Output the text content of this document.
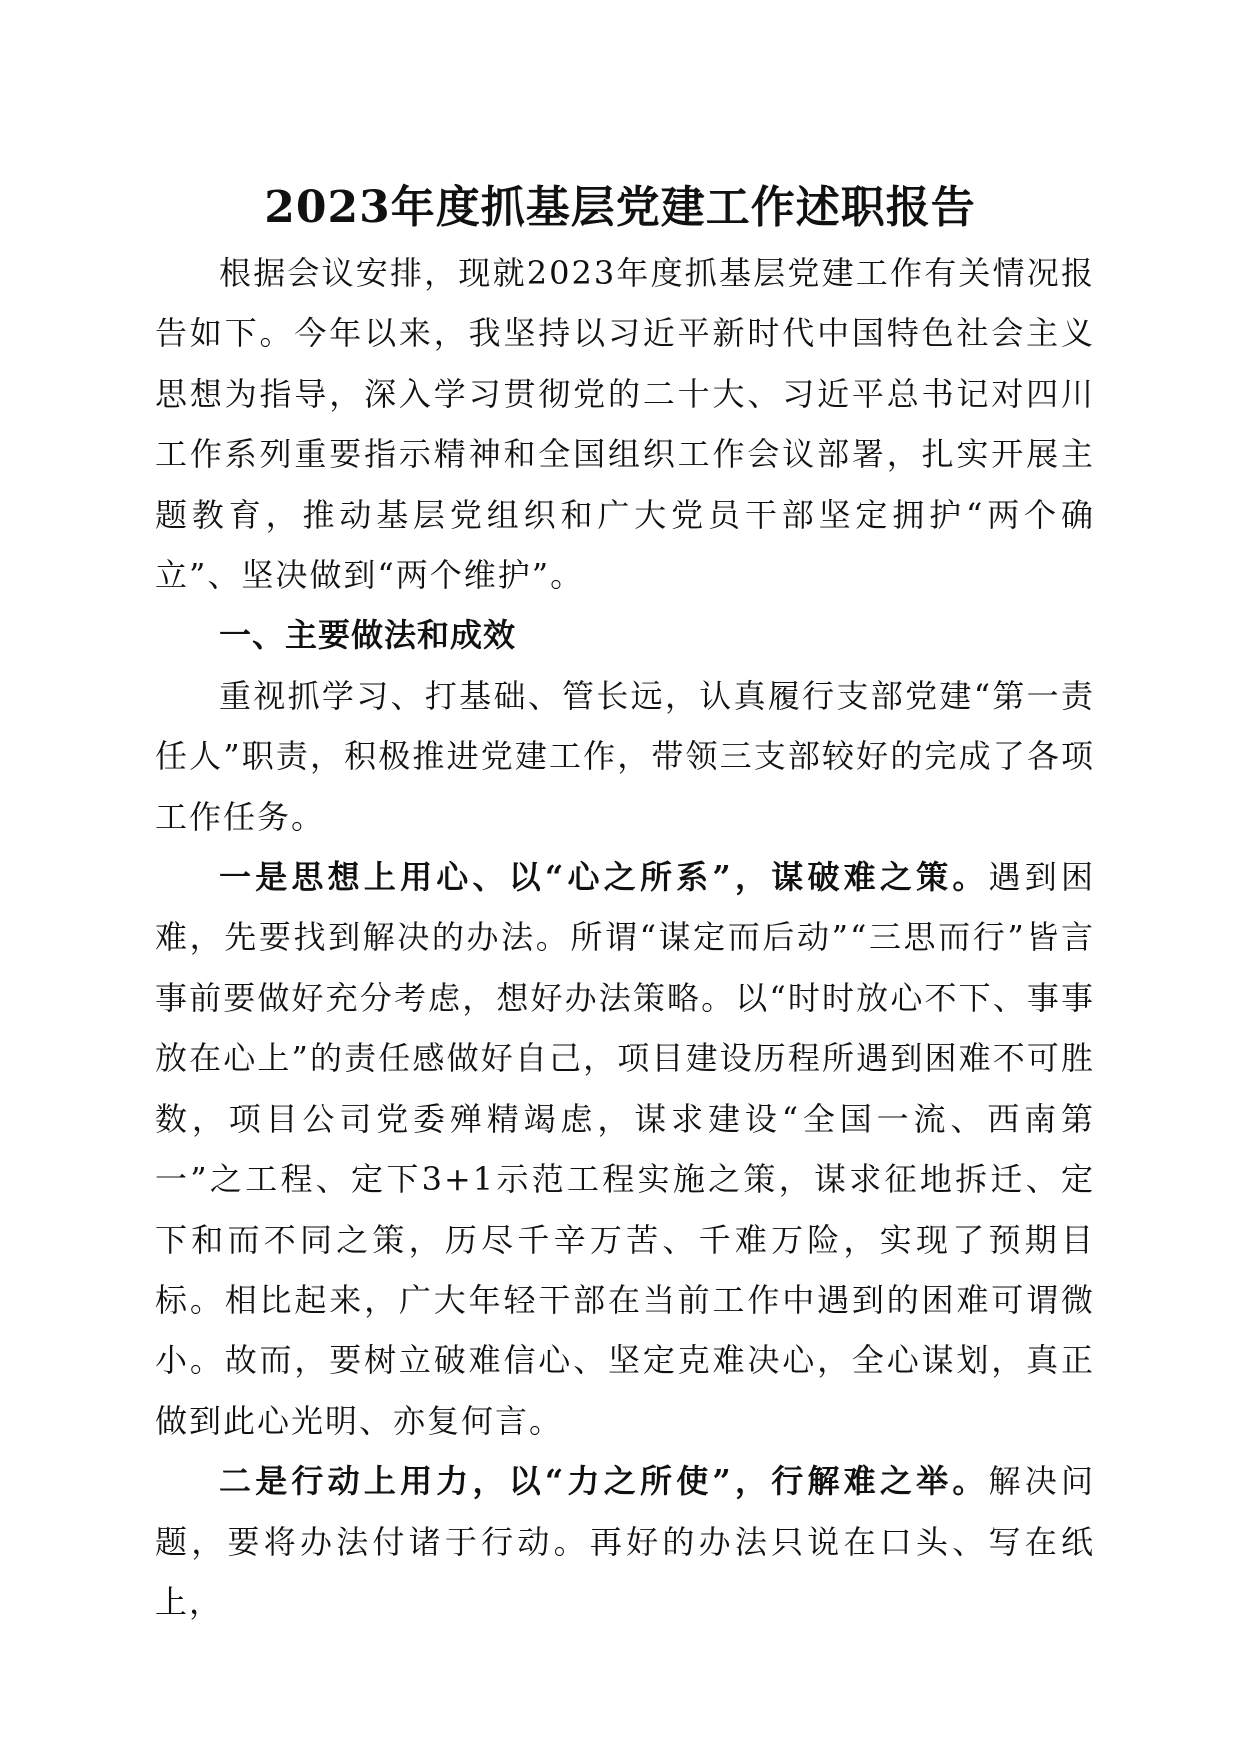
2023年度抓基层党建工作述职报告

根据会议安排，现就2023年度抓基层党建工作有关情况报告如下。今年以来，我坚持以习近平新时代中国特色社会主义思想为指导，深入学习贯彻党的二十大、习近平总书记对四川工作系列重要指示精神和全国组织工作会议部署，扎实开展主题教育，推动基层党组织和广大党员干部坚定拥护“两个确立”、坚决做到“两个维护”。

一、主要做法和成效

重视抓学习、打基础、管长远，认真履行支部党建“第一责任人”职责，积极推进党建工作，带领三支部较好的完成了各项工作任务。

一是思想上用心、以“心之所系”，谋破难之策。遇到困难，先要找到解决的办法。所谓“谋定而后动”“三思而行”皆言事前要做好充分考虑，想好办法策略。以“时时放心不下、事事放在心上”的责任感做好自己，项目建设历程所遇到困难不可胜数，项目公司党委殚精竭虑，谋求建设“全国一流、西南第一”之工程、定下3+1示范工程实施之策，谋求征地拆迁、定下和而不同之策，历尽千辛万苦、千难万险，实现了预期目标。相比起来，广大年轻干部在当前工作中遇到的困难可谓微小。故而，要树立破难信心、坚定克难决心，全心谋划，真正做到此心光明、亦复何言。

二是行动上用力，以“力之所使”，行解难之举。解决问题，要将办法付诸于行动。再好的办法只说在口头、写在纸上，
